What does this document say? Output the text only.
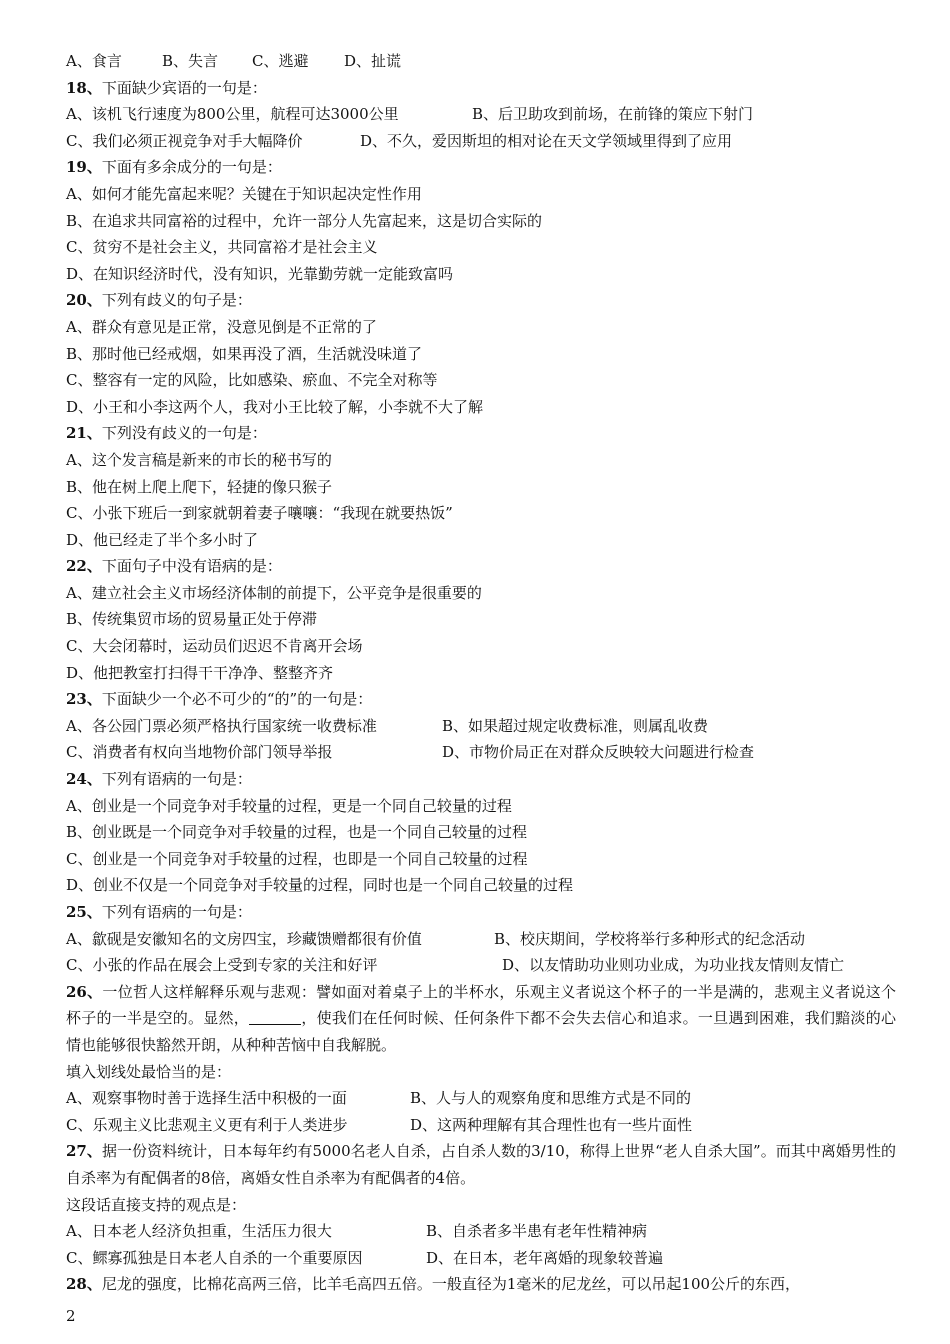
A、食言	B、失言	C、逃避	D、扯谎
18、下面缺少宾语的一句是：
A、该机飞行速度为800公里，航程可达3000公里	B、后卫助攻到前场，在前锋的策应下射门
C、我们必须正视竞争对手大幅降价	D、不久，爱因斯坦的相对论在天文学领域里得到了应用
19、下面有多余成分的一句是：
A、如何才能先富起来呢？关键在于知识起决定性作用
B、在追求共同富裕的过程中，允许一部分人先富起来，这是切合实际的
C、贫穷不是社会主义，共同富裕才是社会主义
D、在知识经济时代，没有知识，光靠勤劳就一定能致富吗
20、下列有歧义的句子是：
A、群众有意见是正常，没意见倒是不正常的了
B、那时他已经戒烟，如果再没了酒，生活就没味道了
C、整容有一定的风险，比如感染、瘀血、不完全对称等
D、小王和小李这两个人，我对小王比较了解，小李就不大了解
21、下列没有歧义的一句是：
A、这个发言稿是新来的市长的秘书写的
B、他在树上爬上爬下，轻捷的像只猴子
C、小张下班后一到家就朝着妻子嚷嚷：“我现在就要热饭”
D、他已经走了半个多小时了
22、下面句子中没有语病的是：
A、建立社会主义市场经济体制的前提下，公平竞争是很重要的
B、传统集贸市场的贸易量正处于停滞
C、大会闭幕时，运动员们迟迟不肯离开会场
D、他把教室打扫得干干净净、整整齐齐
23、下面缺少一个必不可少的“的”的一句是：
A、各公园门票必须严格执行国家统一收费标准	B、如果超过规定收费标准，则属乱收费
C、消费者有权向当地物价部门领导举报	D、市物价局正在对群众反映较大问题进行检查
24、下列有语病的一句是：
A、创业是一个同竞争对手较量的过程，更是一个同自己较量的过程
B、创业既是一个同竞争对手较量的过程，也是一个同自己较量的过程
C、创业是一个同竞争对手较量的过程，也即是一个同自己较量的过程
D、创业不仅是一个同竞争对手较量的过程，同时也是一个同自己较量的过程
25、下列有语病的一句是：
A、歙砚是安徽知名的文房四宝，珍藏馈赠都很有价值	B、校庆期间，学校将举行多种形式的纪念活动
C、小张的作品在展会上受到专家的关注和好评	D、以友情助功业则功业成，为功业找友情则友情亡
26、一位哲人这样解释乐观与悲观：譬如面对着桌子上的半杯水，乐观主义者说这个杯子的一半是满的，悲观主义者说这个杯子的一半是空的。显然，	，使我们在任何时候、任何条件下都不会失去信心和追求。一旦遇到困难，我们黯淡的心情也能够很快豁然开朗，从种种苦恼中自我解脱。
填入划线处最恰当的是：
A、观察事物时善于选择生活中积极的一面	B、人与人的观察角度和思维方式是不同的
C、乐观主义比悲观主义更有利于人类进步	D、这两种理解有其合理性也有一些片面性
27、据一份资料统计，日本每年约有5000名老人自杀，占自杀人数的3/10，称得上世界“老人自杀大国”。而其中离婚男性的自杀率为有配偶者的8倍，离婚女性自杀率为有配偶者的4倍。
这段话直接支持的观点是：
A、日本老人经济负担重，生活压力很大	B、自杀者多半患有老年性精神病
C、鳏寡孤独是日本老人自杀的一个重要原因	D、在日本，老年离婚的现象较普遍
28、尼龙的强度，比棉花高两三倍，比羊毛高四五倍。一般直径为1毫米的尼龙丝，可以吊起100公斤的东西，
2
